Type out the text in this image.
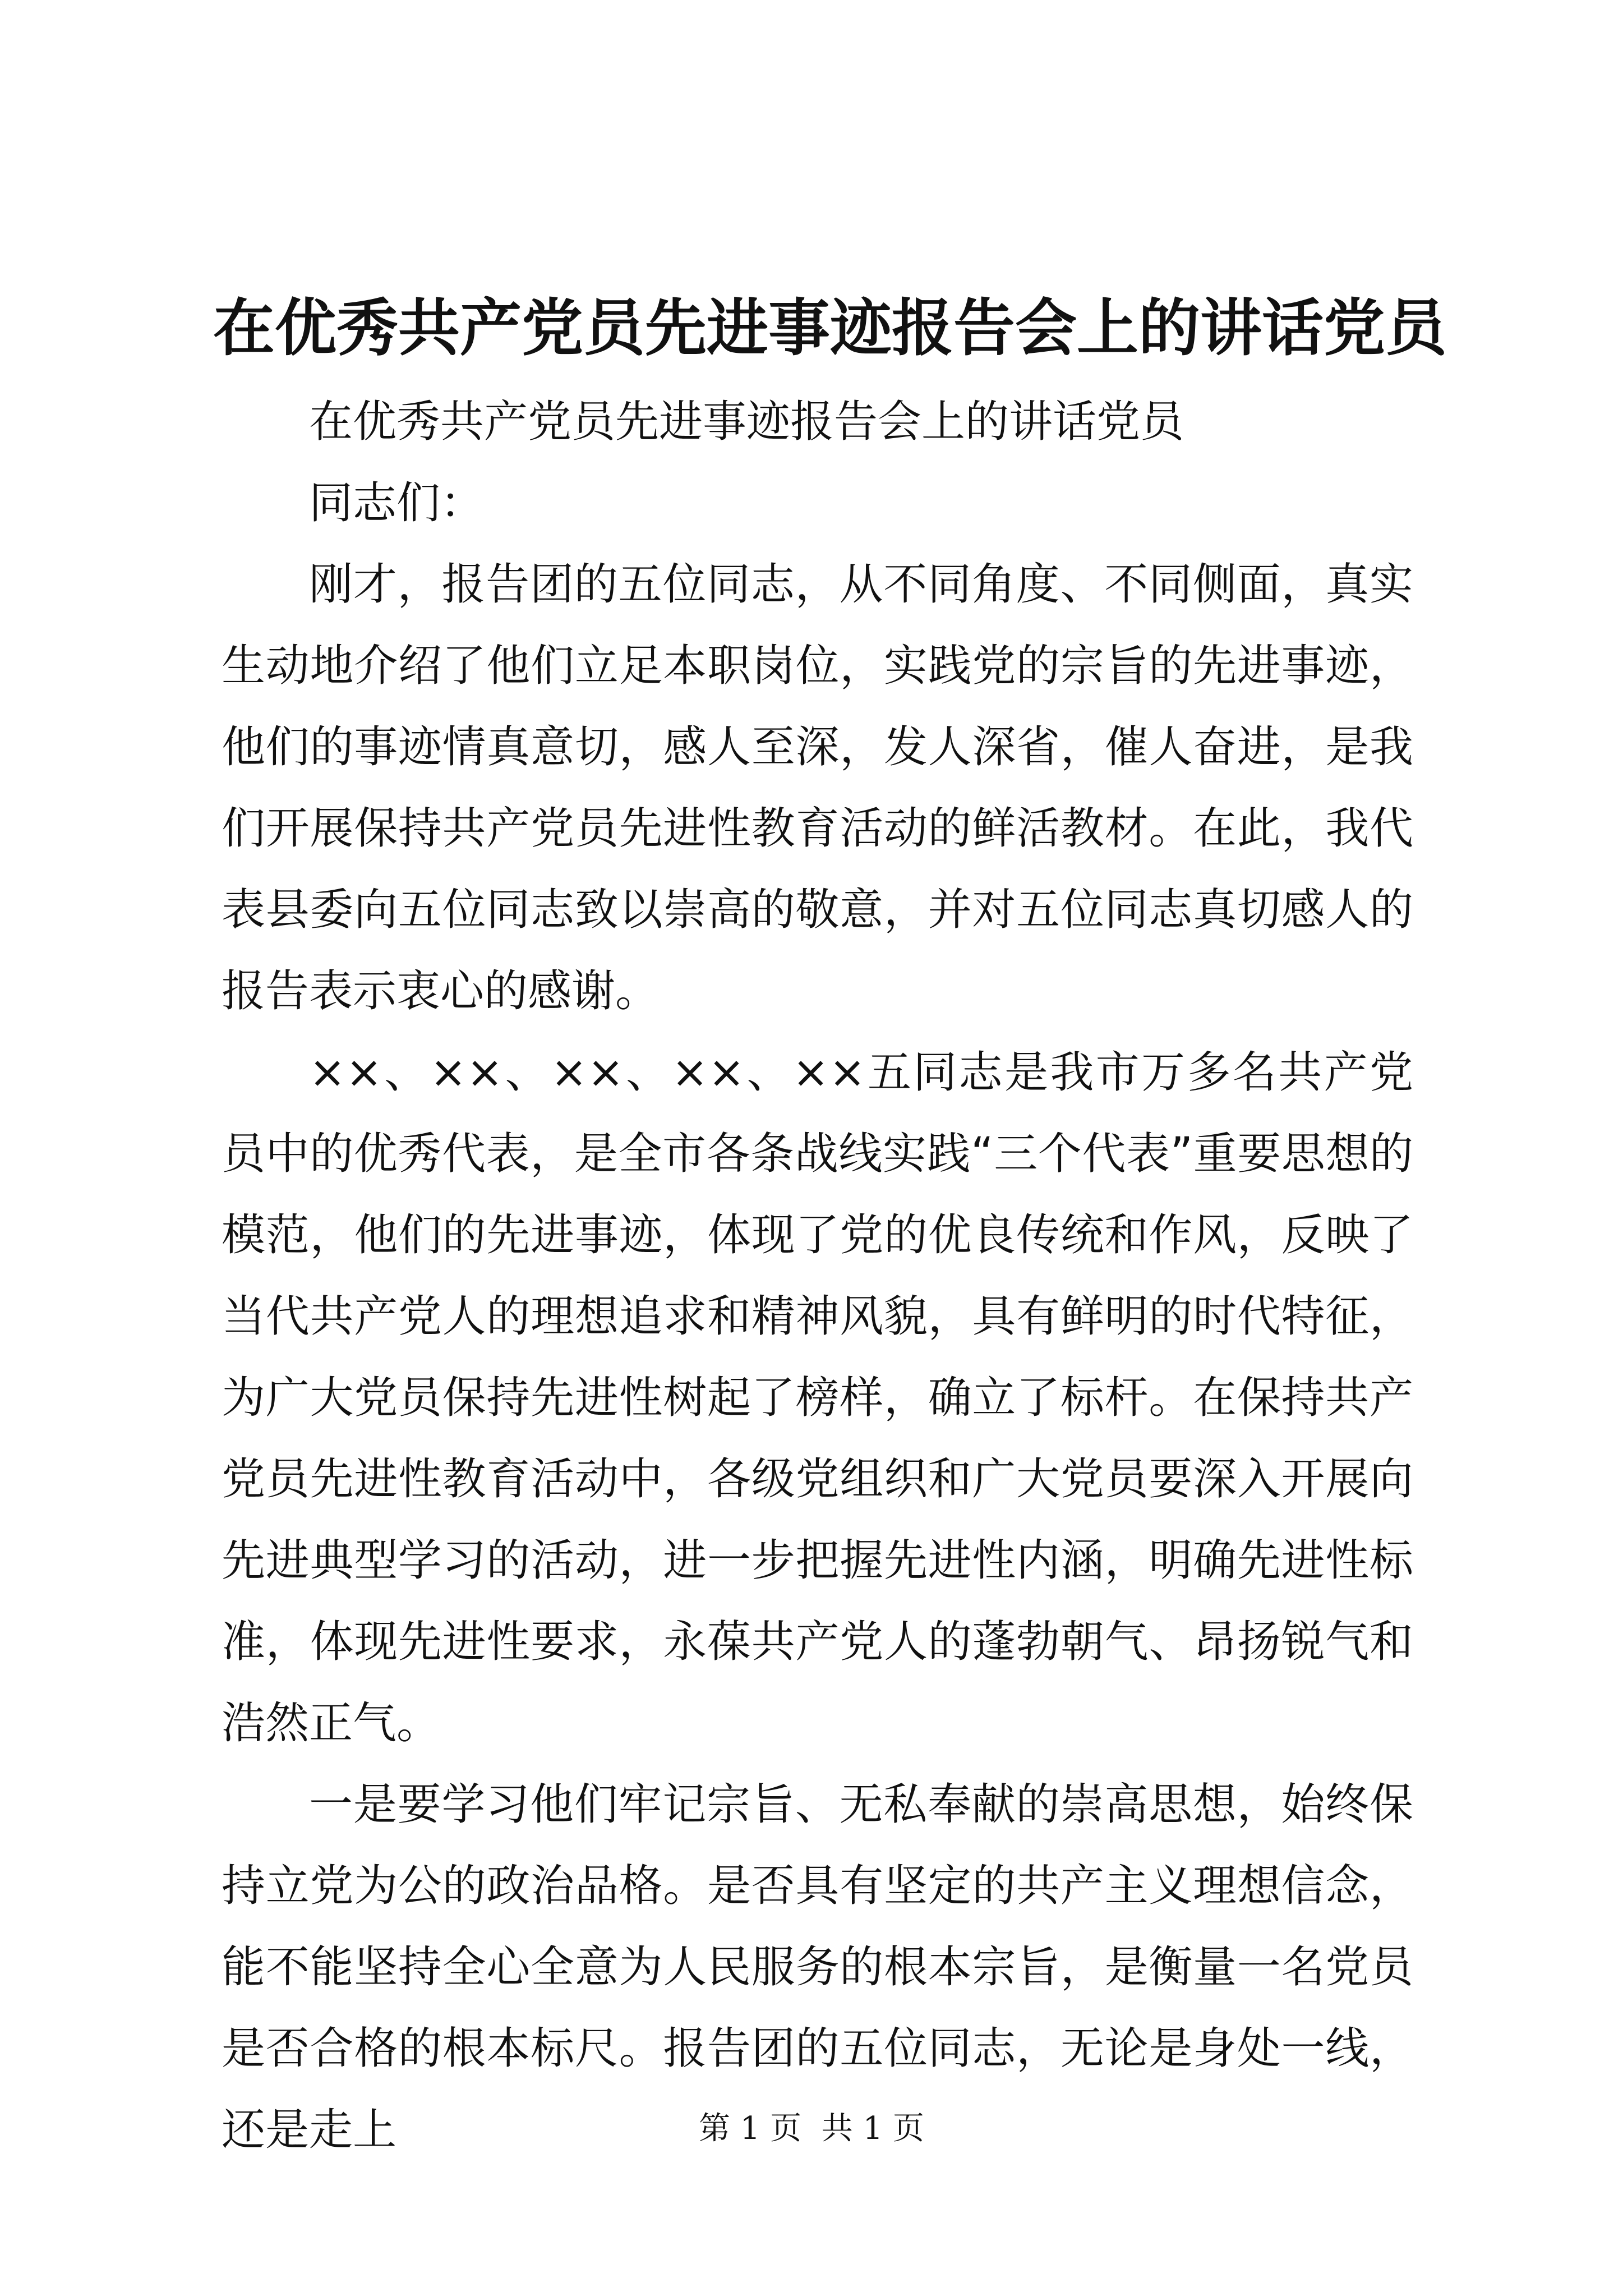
在优秀共产党员先进事迹报告会上的讲话党员

在优秀共产党员先进事迹报告会上的讲话党员

同志们：

刚才，报告团的五位同志，从不同角度、不同侧面，真实生动地介绍了他们立足本职岗位，实践党的宗旨的先进事迹，他们的事迹情真意切，感人至深，发人深省，催人奋进，是我们开展保持共产党员先进性教育活动的鲜活教材。在此，我代表县委向五位同志致以崇高的敬意，并对五位同志真切感人的报告表示衷心的感谢。

××、××、××、××、××五同志是我市万多名共产党员中的优秀代表，是全市各条战线实践“三个代表”重要思想的模范，他们的先进事迹，体现了党的优良传统和作风，反映了当代共产党人的理想追求和精神风貌，具有鲜明的时代特征，为广大党员保持先进性树起了榜样，确立了标杆。在保持共产党员先进性教育活动中，各级党组织和广大党员要深入开展向先进典型学习的活动，进一步把握先进性内涵，明确先进性标准，体现先进性要求，永葆共产党人的蓬勃朝气、昂扬锐气和浩然正气。

一是要学习他们牢记宗旨、无私奉献的崇高思想，始终保持立党为公的政治品格。是否具有坚定的共产主义理想信念，能不能坚持全心全意为人民服务的根本宗旨，是衡量一名党员是否合格的根本标尺。报告团的五位同志，无论是身处一线，还是走上	第 1 页  共 1 页
